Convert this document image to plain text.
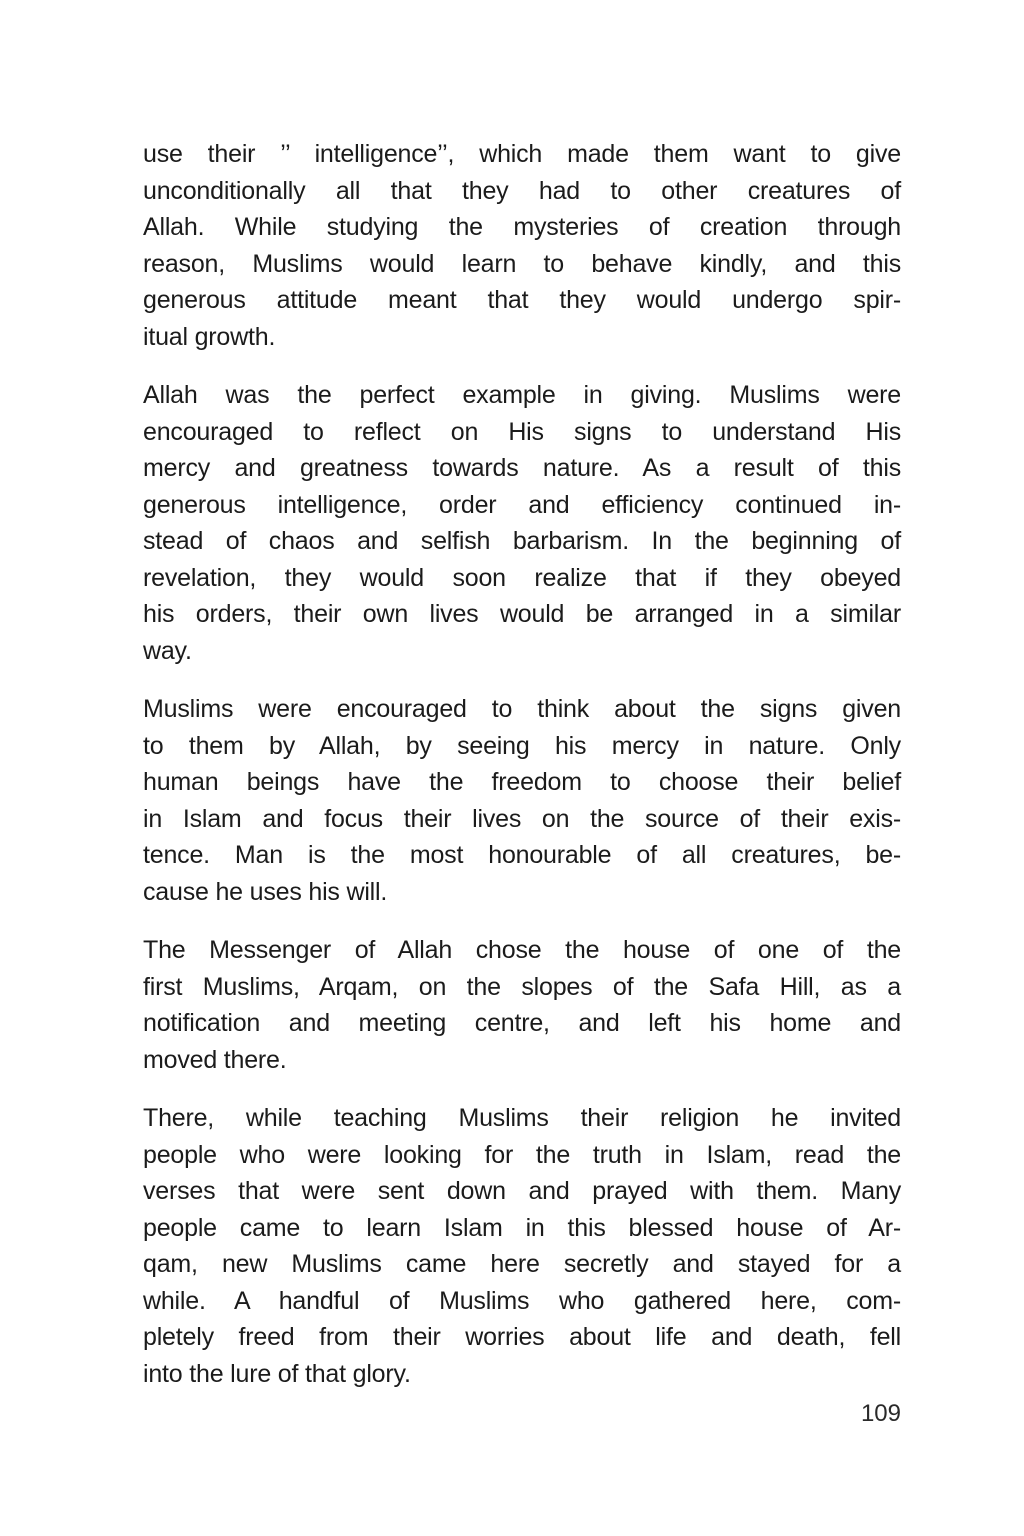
use their ’’ intelligence’’, which made them want to give
unconditionally all that they had to other creatures of
Allah. While studying the mysteries of creation through
reason, Muslims would learn to behave kindly, and this
generous attitude meant that they would undergo spir-
itual growth.

Allah was the perfect example in giving. Muslims were
encouraged to reflect on His signs to understand His
mercy and greatness towards nature. As a result of this
generous intelligence, order and efficiency continued in-
stead of chaos and selfish barbarism. In the beginning of
revelation, they would soon realize that if they obeyed
his orders, their own lives would be arranged in a similar
way.

Muslims were encouraged to think about the signs given
to them by Allah, by seeing his mercy in nature. Only
human beings have the freedom to choose their belief
in Islam and focus their lives on the source of their exis-
tence. Man is the most honourable of all creatures, be-
cause he uses his will.

The Messenger of Allah chose the house of one of the
first Muslims, Arqam, on the slopes of the Safa Hill, as a
notification and meeting centre, and left his home and
moved there.

There, while teaching Muslims their religion he invited
people who were looking for the truth in Islam, read the
verses that were sent down and prayed with them. Many
people came to learn Islam in this blessed house of Ar-
qam, new Muslims came here secretly and stayed for a
while. A handful of Muslims who gathered here, com-
pletely freed from their worries about life and death, fell
into the lure of that glory.

109
